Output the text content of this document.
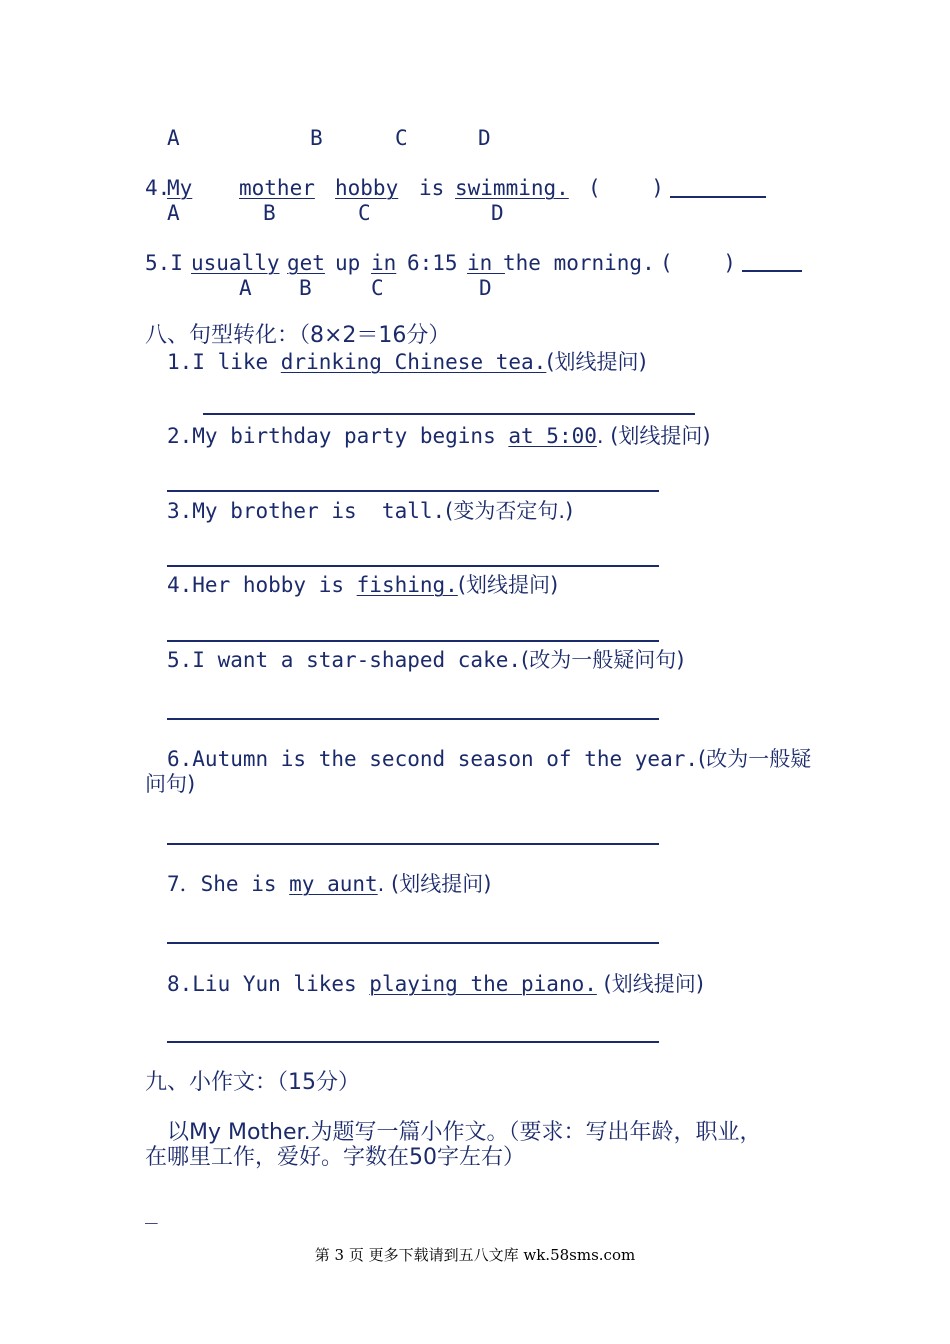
A	B	C	D
4.
My mother hobby is swimming. (    )
A	B	C	D
5.I usually get up in 6:15 in
the morning. (    )
A B	C	D
八、句型转化：（8×2＝16分）
1.I like drinking Chinese tea.(划线提问)
2.My birthday party begins at 5:00. (划线提问)
3.My brother is  tall.(变为否定句.)
4.Her hobby is fishing.(划线提问)
5.I want a star-shaped cake.(改为一般疑问句)
6.Autumn is the second season of the year.(改为一般疑
问句)
7．She is my aunt. (划线提问)
8.Liu Yun likes playing the piano. (划线提问)
九、小作文：（15分）
以My Mother.为题写一篇小作文。（要求：写出年龄，职业，
在哪里工作，爱好。字数在50字左右）
_
第 3 页 更多下载请到五八文库 wk.58sms.com
